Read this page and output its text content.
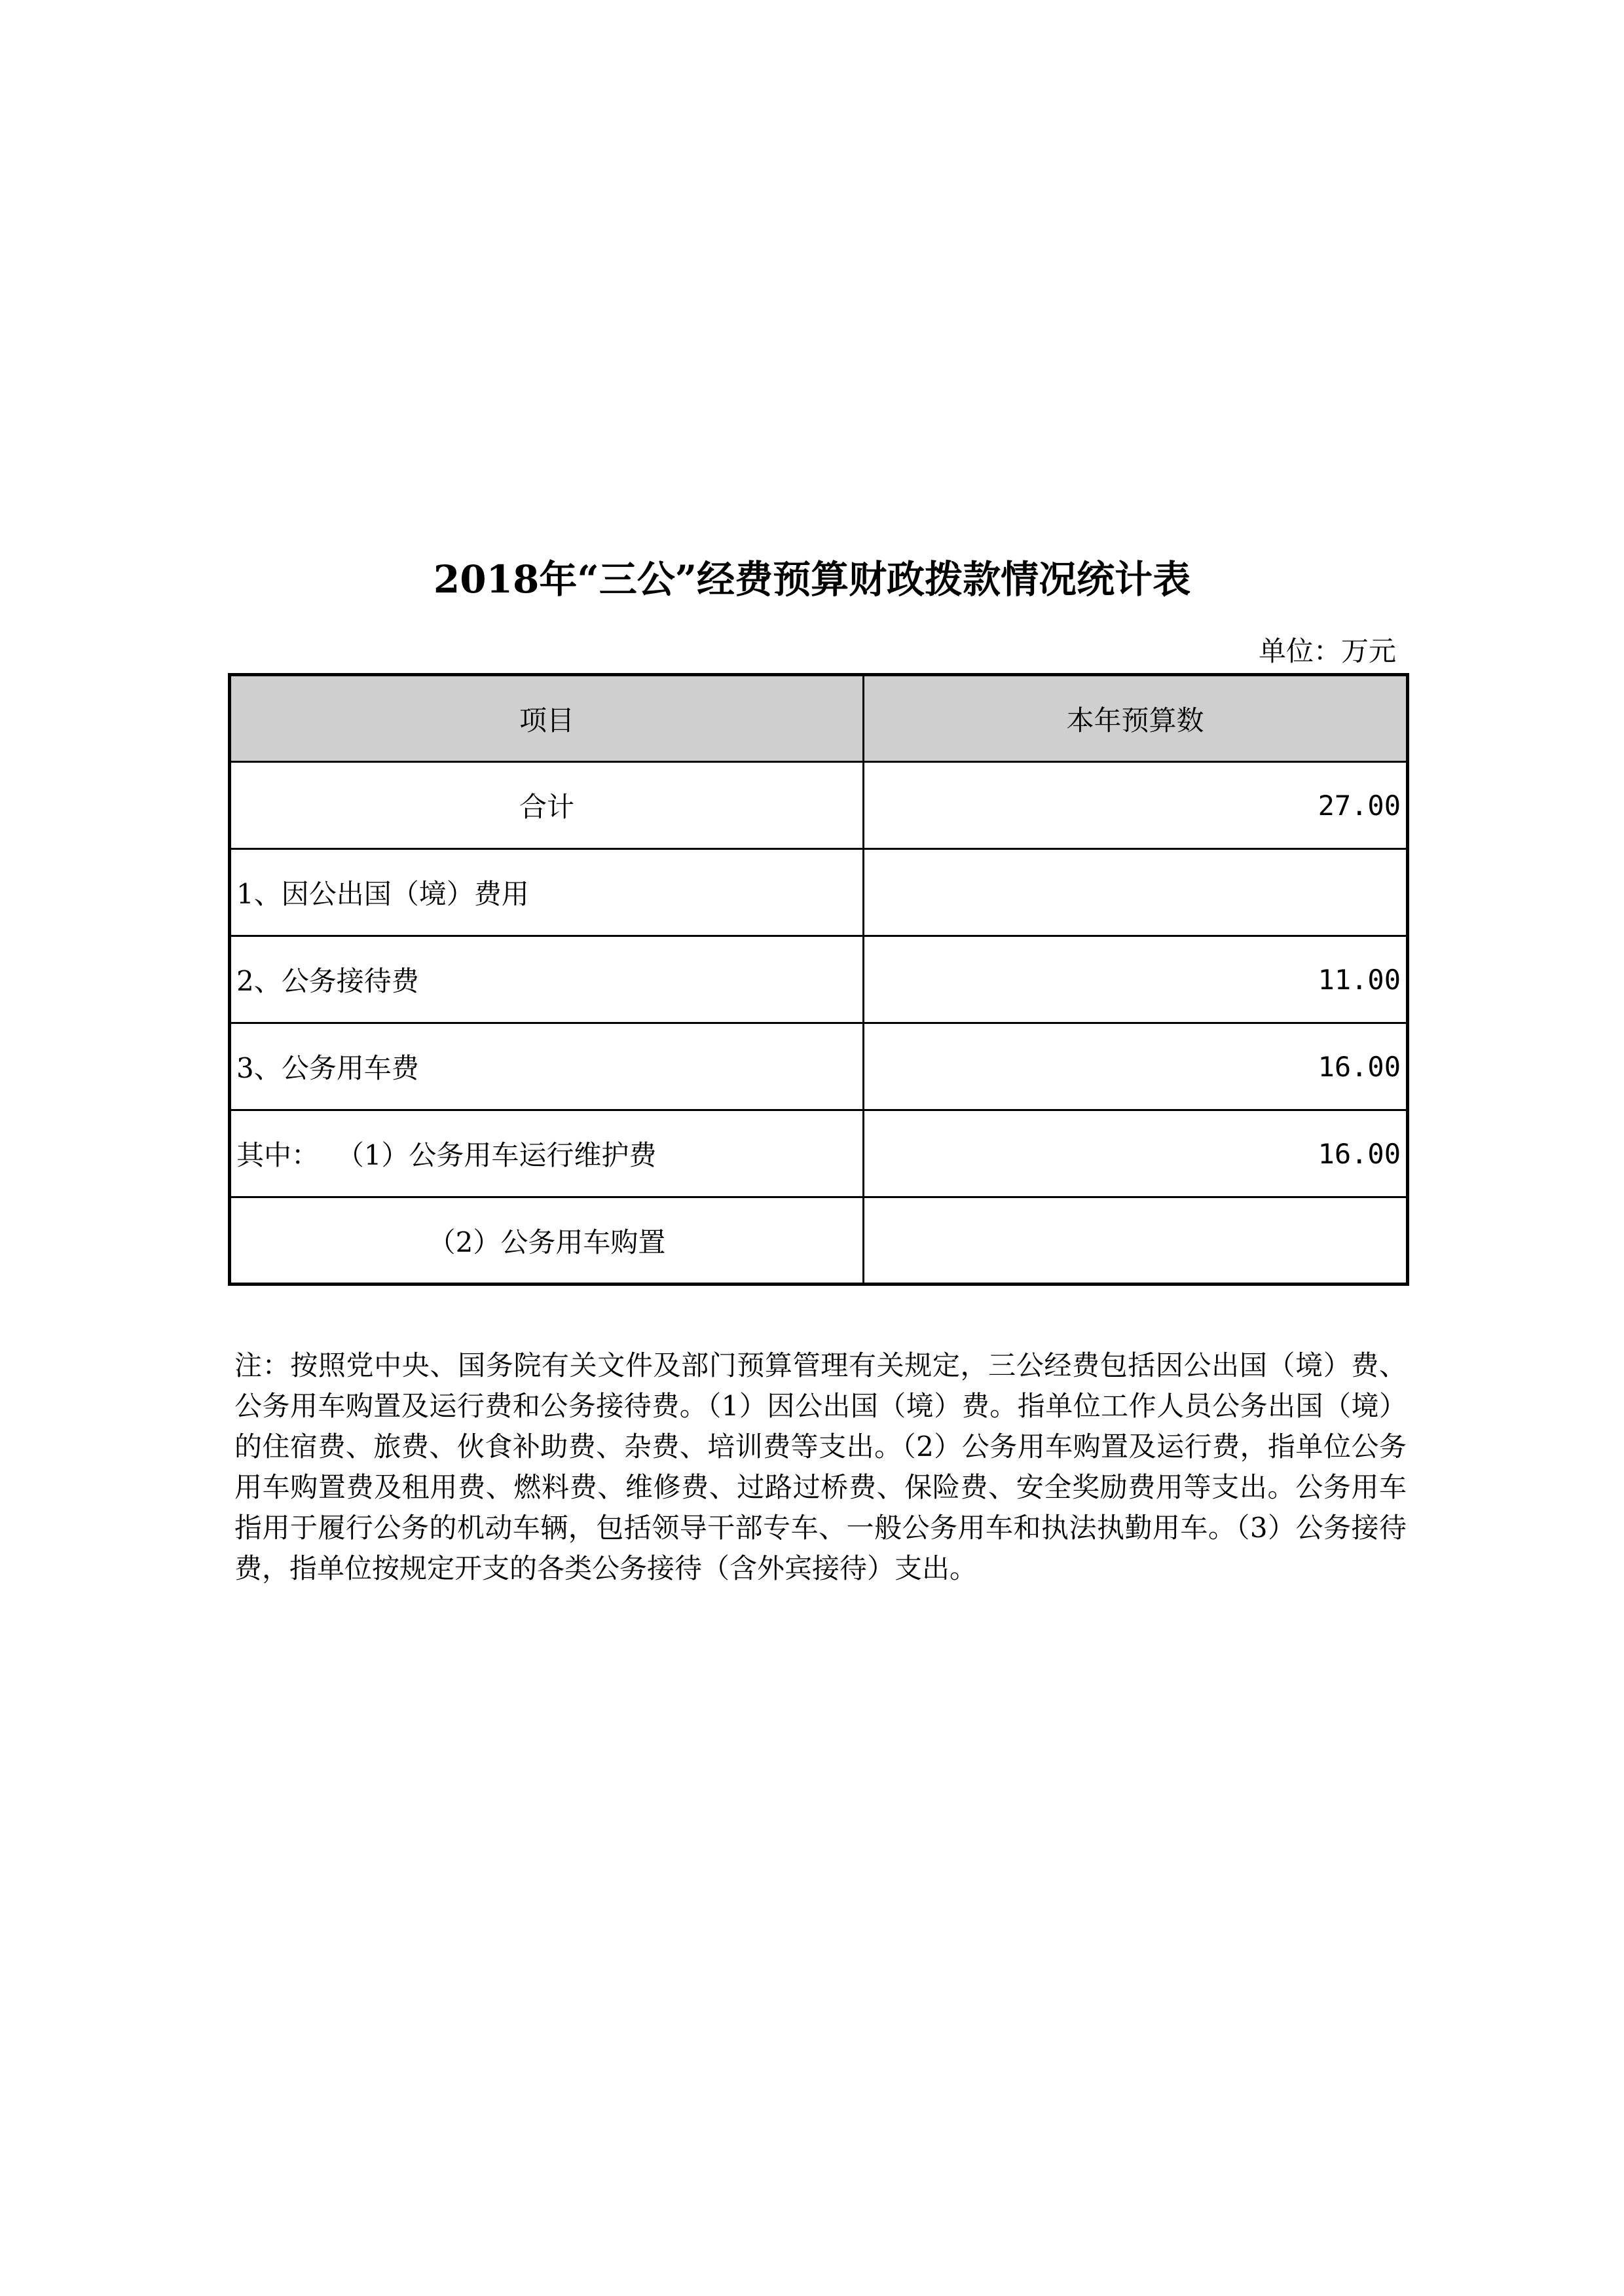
2018年“三公”经费预算财政拨款情况统计表
单位：万元
项目	本年预算数
合计	27.00
1、因公出国（境）费用	
2、公务接待费	11.00
3、公务用车费	16.00
其中：  （1）公务用车运行维护费	16.00
（2）公务用车购置	
注：按照党中央、国务院有关文件及部门预算管理有关规定，三公经费包括因公出国（境）费、公务用车购置及运行费和公务接待费。（1）因公出国（境）费。指单位工作人员公务出国（境）的住宿费、旅费、伙食补助费、杂费、培训费等支出。（2）公务用车购置及运行费，指单位公务用车购置费及租用费、燃料费、维修费、过路过桥费、保险费、安全奖励费用等支出。公务用车指用于履行公务的机动车辆，包括领导干部专车、一般公务用车和执法执勤用车。（3）公务接待费，指单位按规定开支的各类公务接待（含外宾接待）支出。
